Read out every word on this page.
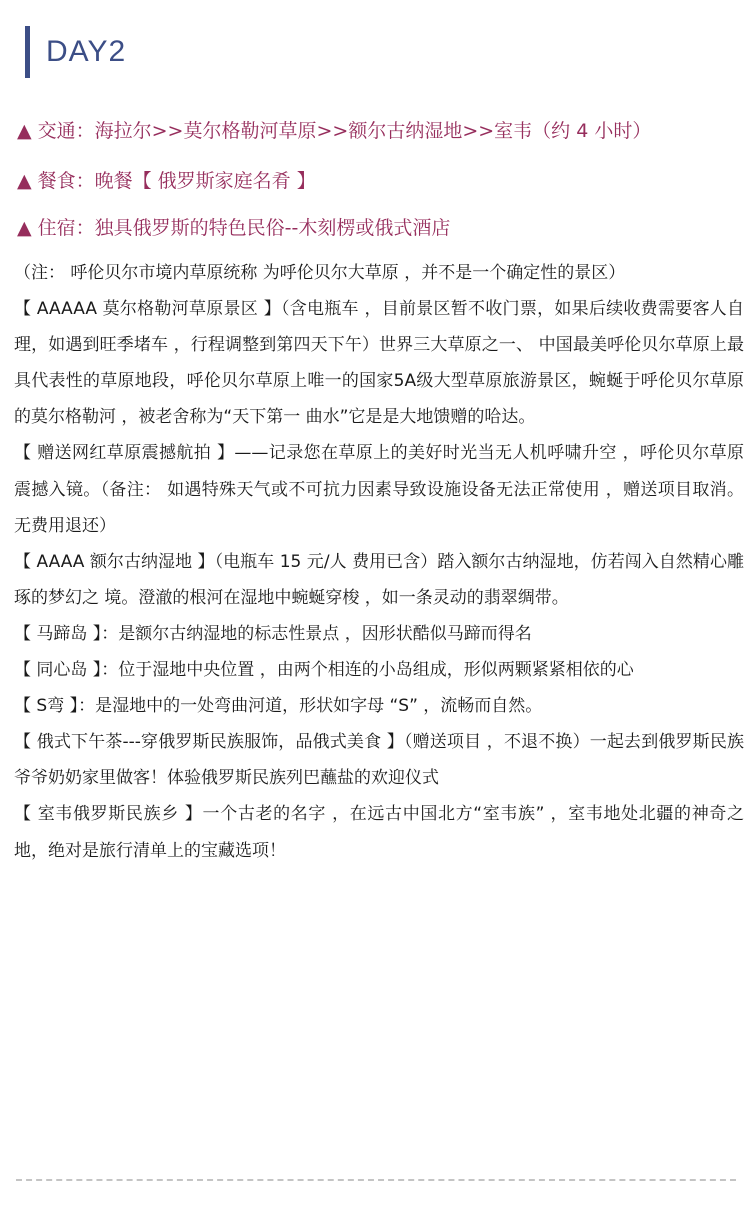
DAY2
▲ 交通：海拉尔>>莫尔格勒河草原>>额尔古纳湿地>>室韦（约 4 小时）
▲ 餐食：晚餐【 俄罗斯家庭名肴 】
▲ 住宿：独具俄罗斯的特色民俗--木刻楞或俄式酒店

（注： 呼伦贝尔市境内草原统称 为呼伦贝尔大草原 ，并不是一个确定性的景区）

【 AAAAA 莫尔格勒河草原景区 】（含电瓶车 ，目前景区暂不收门票，如果后续收费需要客人自理，如遇到旺季堵车 ，行程调整到第四天下午）世界三大草原之一、 中国最美呼伦贝尔草原上最具代表性的草原地段，呼伦贝尔草原上唯一的国家5A级大型草原旅游景区，蜿蜒于呼伦贝尔草原的莫尔格勒河 ，被老舍称为“天下第一 曲水”它是是大地馈赠的哈达。

【 赠送网红草原震撼航拍 】——记录您在草原上的美好时光当无人机呼啸升空 ，呼伦贝尔草原震撼入镜。（备注： 如遇特殊天气或不可抗力因素导致设施设备无法正常使用 ，赠送项目取消。无费用退还）

【 AAAA 额尔古纳湿地 】（电瓶车 15 元/人 费用已含）踏入额尔古纳湿地，仿若闯入自然精心雕琢的梦幻之 境。澄澈的根河在湿地中蜿蜒穿梭 ，如一条灵动的翡翠绸带。

【 马蹄岛 】：是额尔古纳湿地的标志性景点 ，因形状酷似马蹄而得名

【 同心岛 】：位于湿地中央位置 ，由两个相连的小岛组成，形似两颗紧紧相依的心

【 S弯 】：是湿地中的一处弯曲河道，形状如字母 “S” ，流畅而自然。

【 俄式下午茶---穿俄罗斯民族服饰，品俄式美食 】（赠送项目 ，不退不换）一起去到俄罗斯民族爷爷奶奶家里做客！体验俄罗斯民族列巴蘸盐的欢迎仪式

【 室韦俄罗斯民族乡 】一个古老的名字 ，在远古中国北方“室韦族” ，室韦地处北疆的神奇之地，绝对是旅行清单上的宝藏选项！
